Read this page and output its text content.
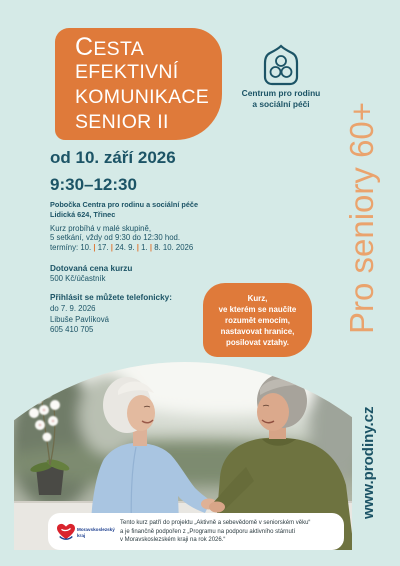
CESTA
EFEKTIVNÍ
KOMUNIKACE
SENIOR II
Centrum pro rodinu
a sociální péči	Pro seniory 60+
od 10. září 2026
9:30–12:30
Pobočka Centra pro rodinu a sociální péče
Lidická 624, Třinec
Kurz probíhá v malé skupině,
5 setkání, vždy od 9:30 do 12:30 hod.
termíny: 10. | 17. | 24. 9. | 1. | 8. 10. 2026
Dotovaná cena kurzu
500 Kč/účastník
Přihlásit se můžete telefonicky:
do 7. 9. 2026
Libuše Pavlíková
605 410 705
Kurz,
ve kterém se naučíte
rozumět emocím,
nastavovat hranice,
posilovat vztahy.
www.prodiny.cz
Moravskoslezský
kraj
Tento kurz patří do projektu „Aktivně a sebevědomě v seniorském věku“
a je finančně podpořen z „Programu na podporu aktivního stárnutí
v Moravskoslezském kraji na rok 2026.“
